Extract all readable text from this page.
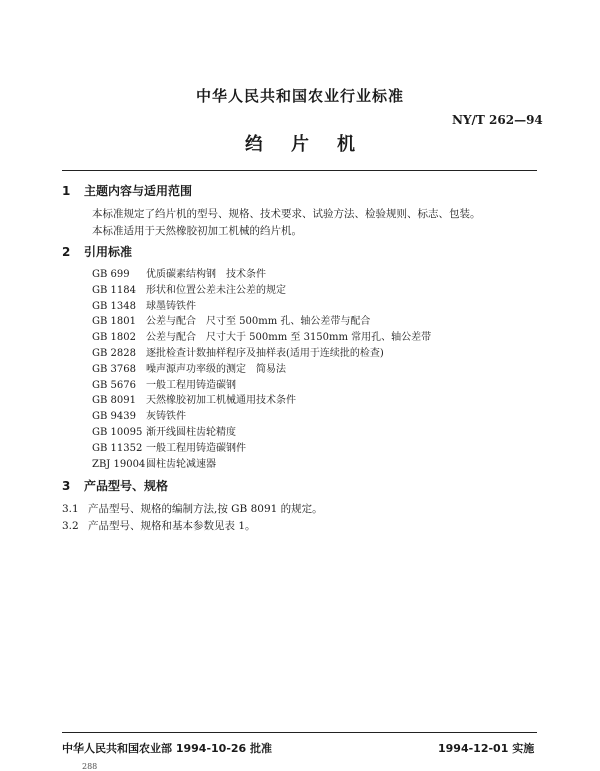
中华人民共和国农业行业标准
NY/T 262—94
绉片机
1 主题内容与适用范围
本标准规定了绉片机的型号、规格、技术要求、试验方法、检验规则、标志、包装。
本标准适用于天然橡胶初加工机械的绉片机。
2 引用标准
GB 699 优质碳素结构钢　技术条件
GB 1184 形状和位置公差未注公差的规定
GB 1348 球墨铸铁件
GB 1801 公差与配合　尺寸至 500mm 孔、轴公差带与配合
GB 1802 公差与配合　尺寸大于 500mm 至 3150mm 常用孔、轴公差带
GB 2828 逐批检查计数抽样程序及抽样表(适用于连续批的检查)
GB 3768 噪声源声功率级的测定　简易法
GB 5676 一般工程用铸造碳钢
GB 8091 天然橡胶初加工机械通用技术条件
GB 9439 灰铸铁件
GB 10095 渐开线圆柱齿轮精度
GB 11352 一般工程用铸造碳钢件
ZBJ 19004圆柱齿轮减速器
3 产品型号、规格
3.1 产品型号、规格的编制方法,按 GB 8091 的规定。
3.2 产品型号、规格和基本参数见表 1。
中华人民共和国农业部 1994-10-26 批准	1994-12-01 实施
288
